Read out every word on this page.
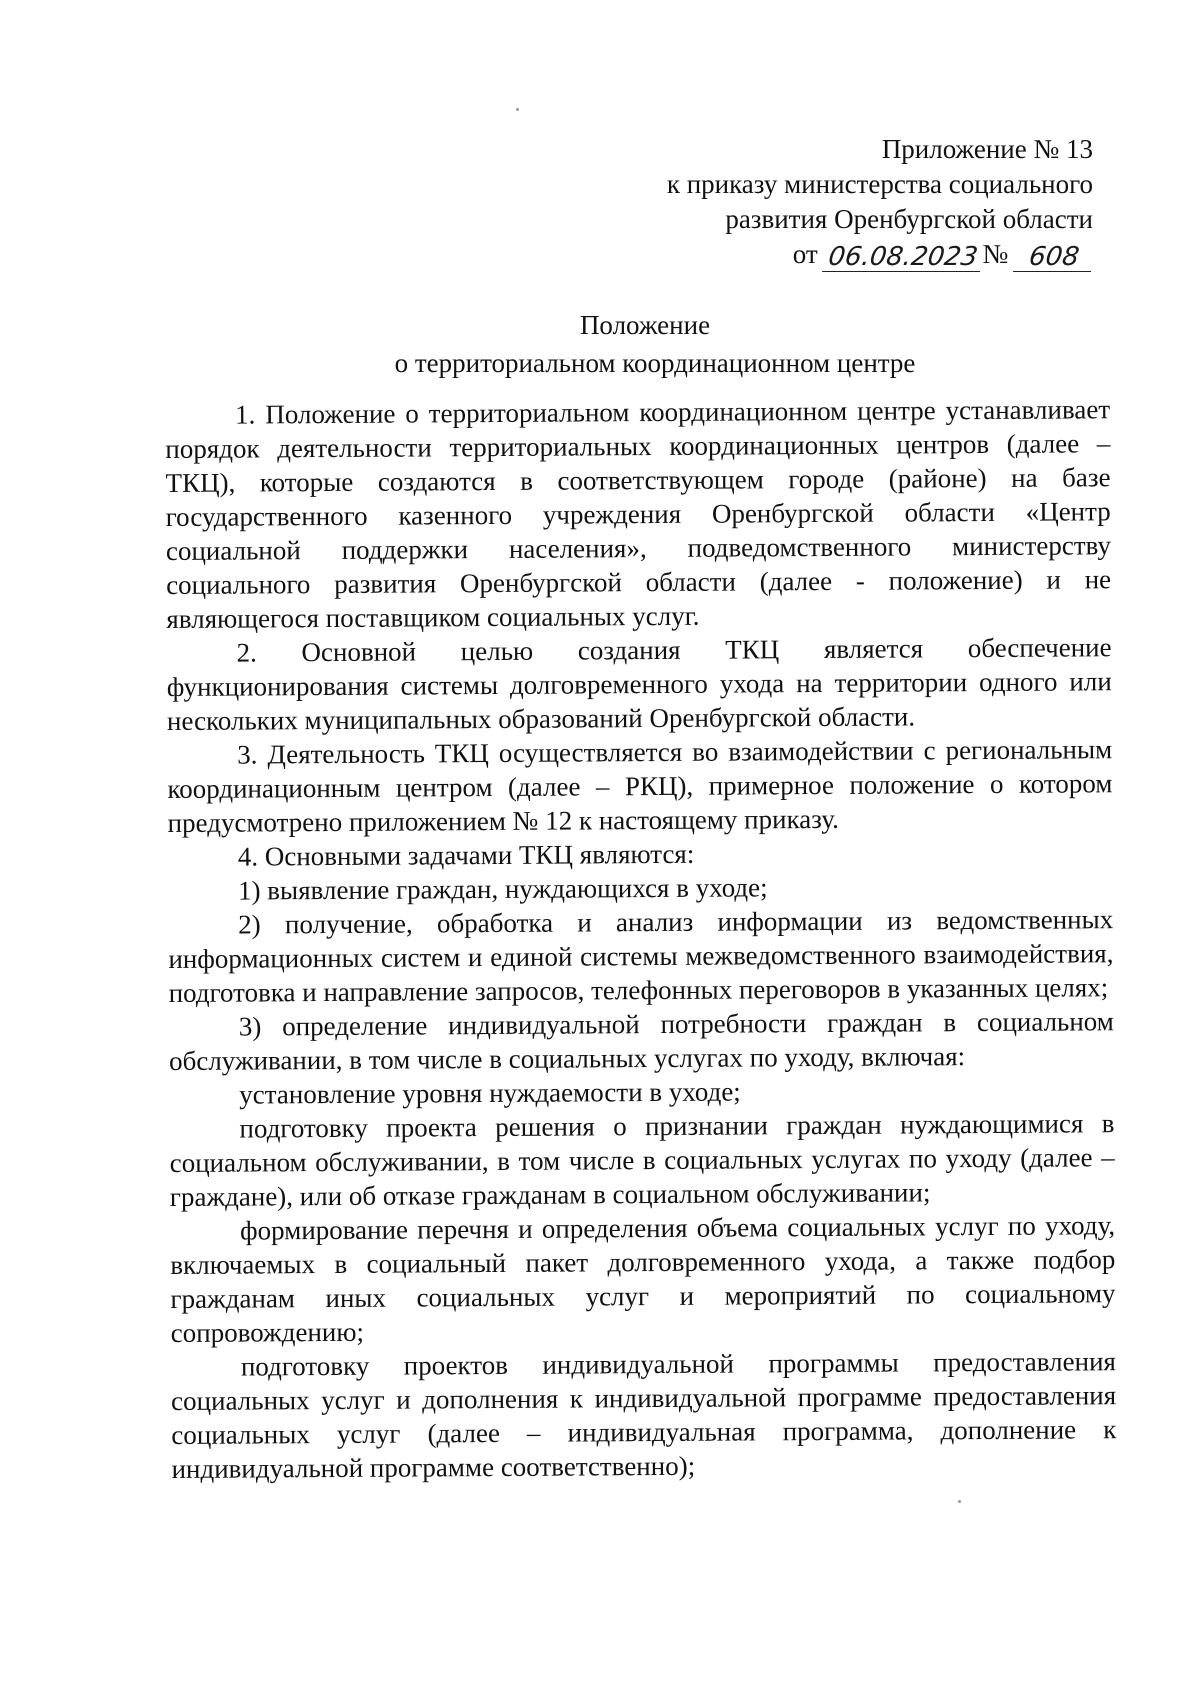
Приложение № 13
к приказу министерства социального
развития Оренбургской области
от
06.08.2023 №
608
Положение
о территориальном координационном центре

1. Положение о территориальном координационном центре устанавливает порядок деятельности территориальных координационных центров (далее – ТКЦ), которые создаются в соответствующем городе (районе) на базе государственного казенного учреждения Оренбургской области «Центр социальной поддержки населения», подведомственного министерству социального развития Оренбургской области (далее - положение) и не являющегося поставщиком социальных услуг.

2. Основной целью создания ТКЦ является обеспечение функционирования системы долговременного ухода на территории одного или нескольких муниципальных образований Оренбургской области.

3. Деятельность ТКЦ осуществляется во взаимодействии с региональным координационным центром (далее – РКЦ), примерное положение о котором предусмотрено приложением № 12 к настоящему приказу.

4. Основными задачами ТКЦ являются:

1) выявление граждан, нуждающихся в уходе;

2) получение, обработка и анализ информации из ведомственных информационных систем и единой системы межведомственного взаимодействия, подготовка и направление запросов, телефонных переговоров в указанных целях;

3) определение индивидуальной потребности граждан в социальном обслуживании, в том числе в социальных услугах по уходу, включая:

установление уровня нуждаемости в уходе;

подготовку проекта решения о признании граждан нуждающимися в социальном обслуживании, в том числе в социальных услугах по уходу (далее – граждане), или об отказе гражданам в социальном обслуживании;

формирование перечня и определения объема социальных услуг по уходу, включаемых в социальный пакет долговременного ухода, а также подбор гражданам иных социальных услуг и мероприятий по социальному сопровождению;

подготовку проектов индивидуальной программы предоставления социальных услуг и дополнения к индивидуальной программе предоставления социальных услуг (далее – индивидуальная программа, дополнение к индивидуальной программе соответственно);
